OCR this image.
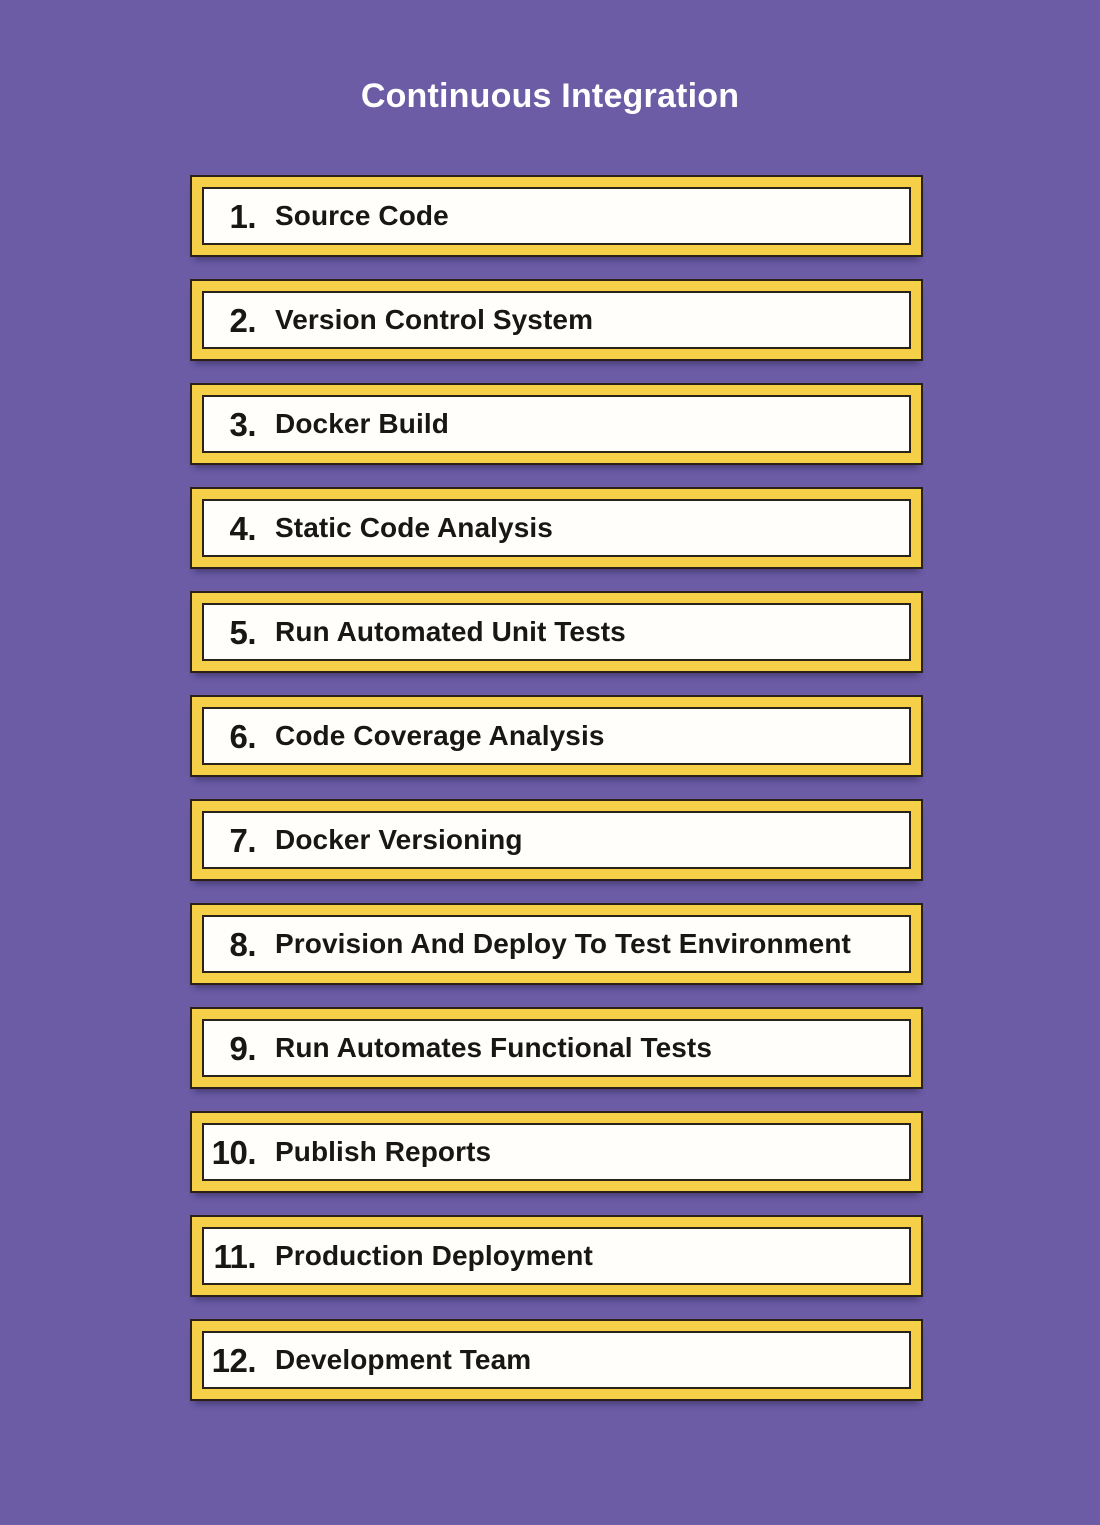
Continuous Integration
1. Source Code
2. Version Control System
3. Docker Build
4. Static Code Analysis
5. Run Automated Unit Tests
6. Code Coverage Analysis
7. Docker Versioning
8. Provision And Deploy To Test Environment
9. Run Automates Functional Tests
10. Publish Reports
11. Production Deployment
12. Development Team
